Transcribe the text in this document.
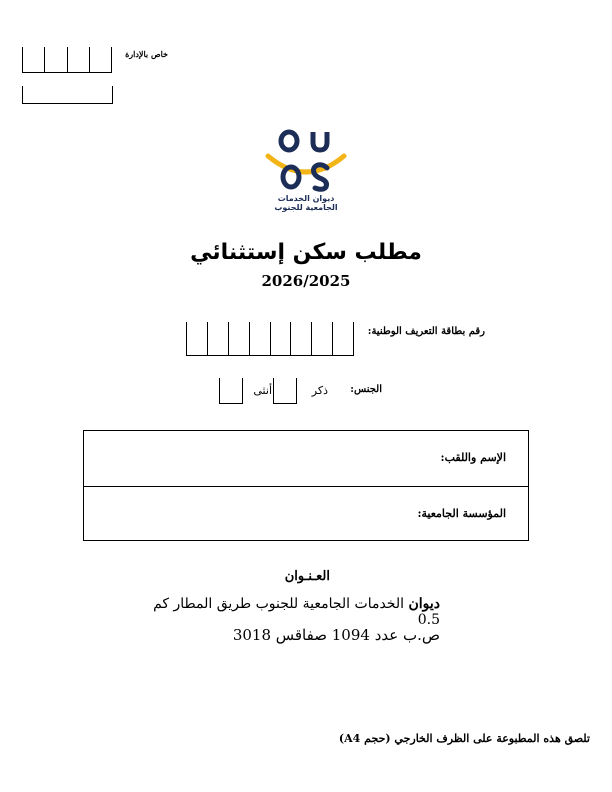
خاص بالإدارة
ديوان الخدمات
الجامعية للجنوب
مطلب سكن إستثنائي
2026/2025
رقم بطاقة التعريف الوطنية:
الجنس:
ذكر
أنثى
الإسم واللقب:
المؤسسة الجامعية:
العـنـوان
ديوان الخدمات الجامعية للجنوب طريق المطار كم 0.5
ص.ب عدد 1094 صفاقس 3018
تلصق هذه المطبوعة على الظرف الخارجي (حجم A4)
